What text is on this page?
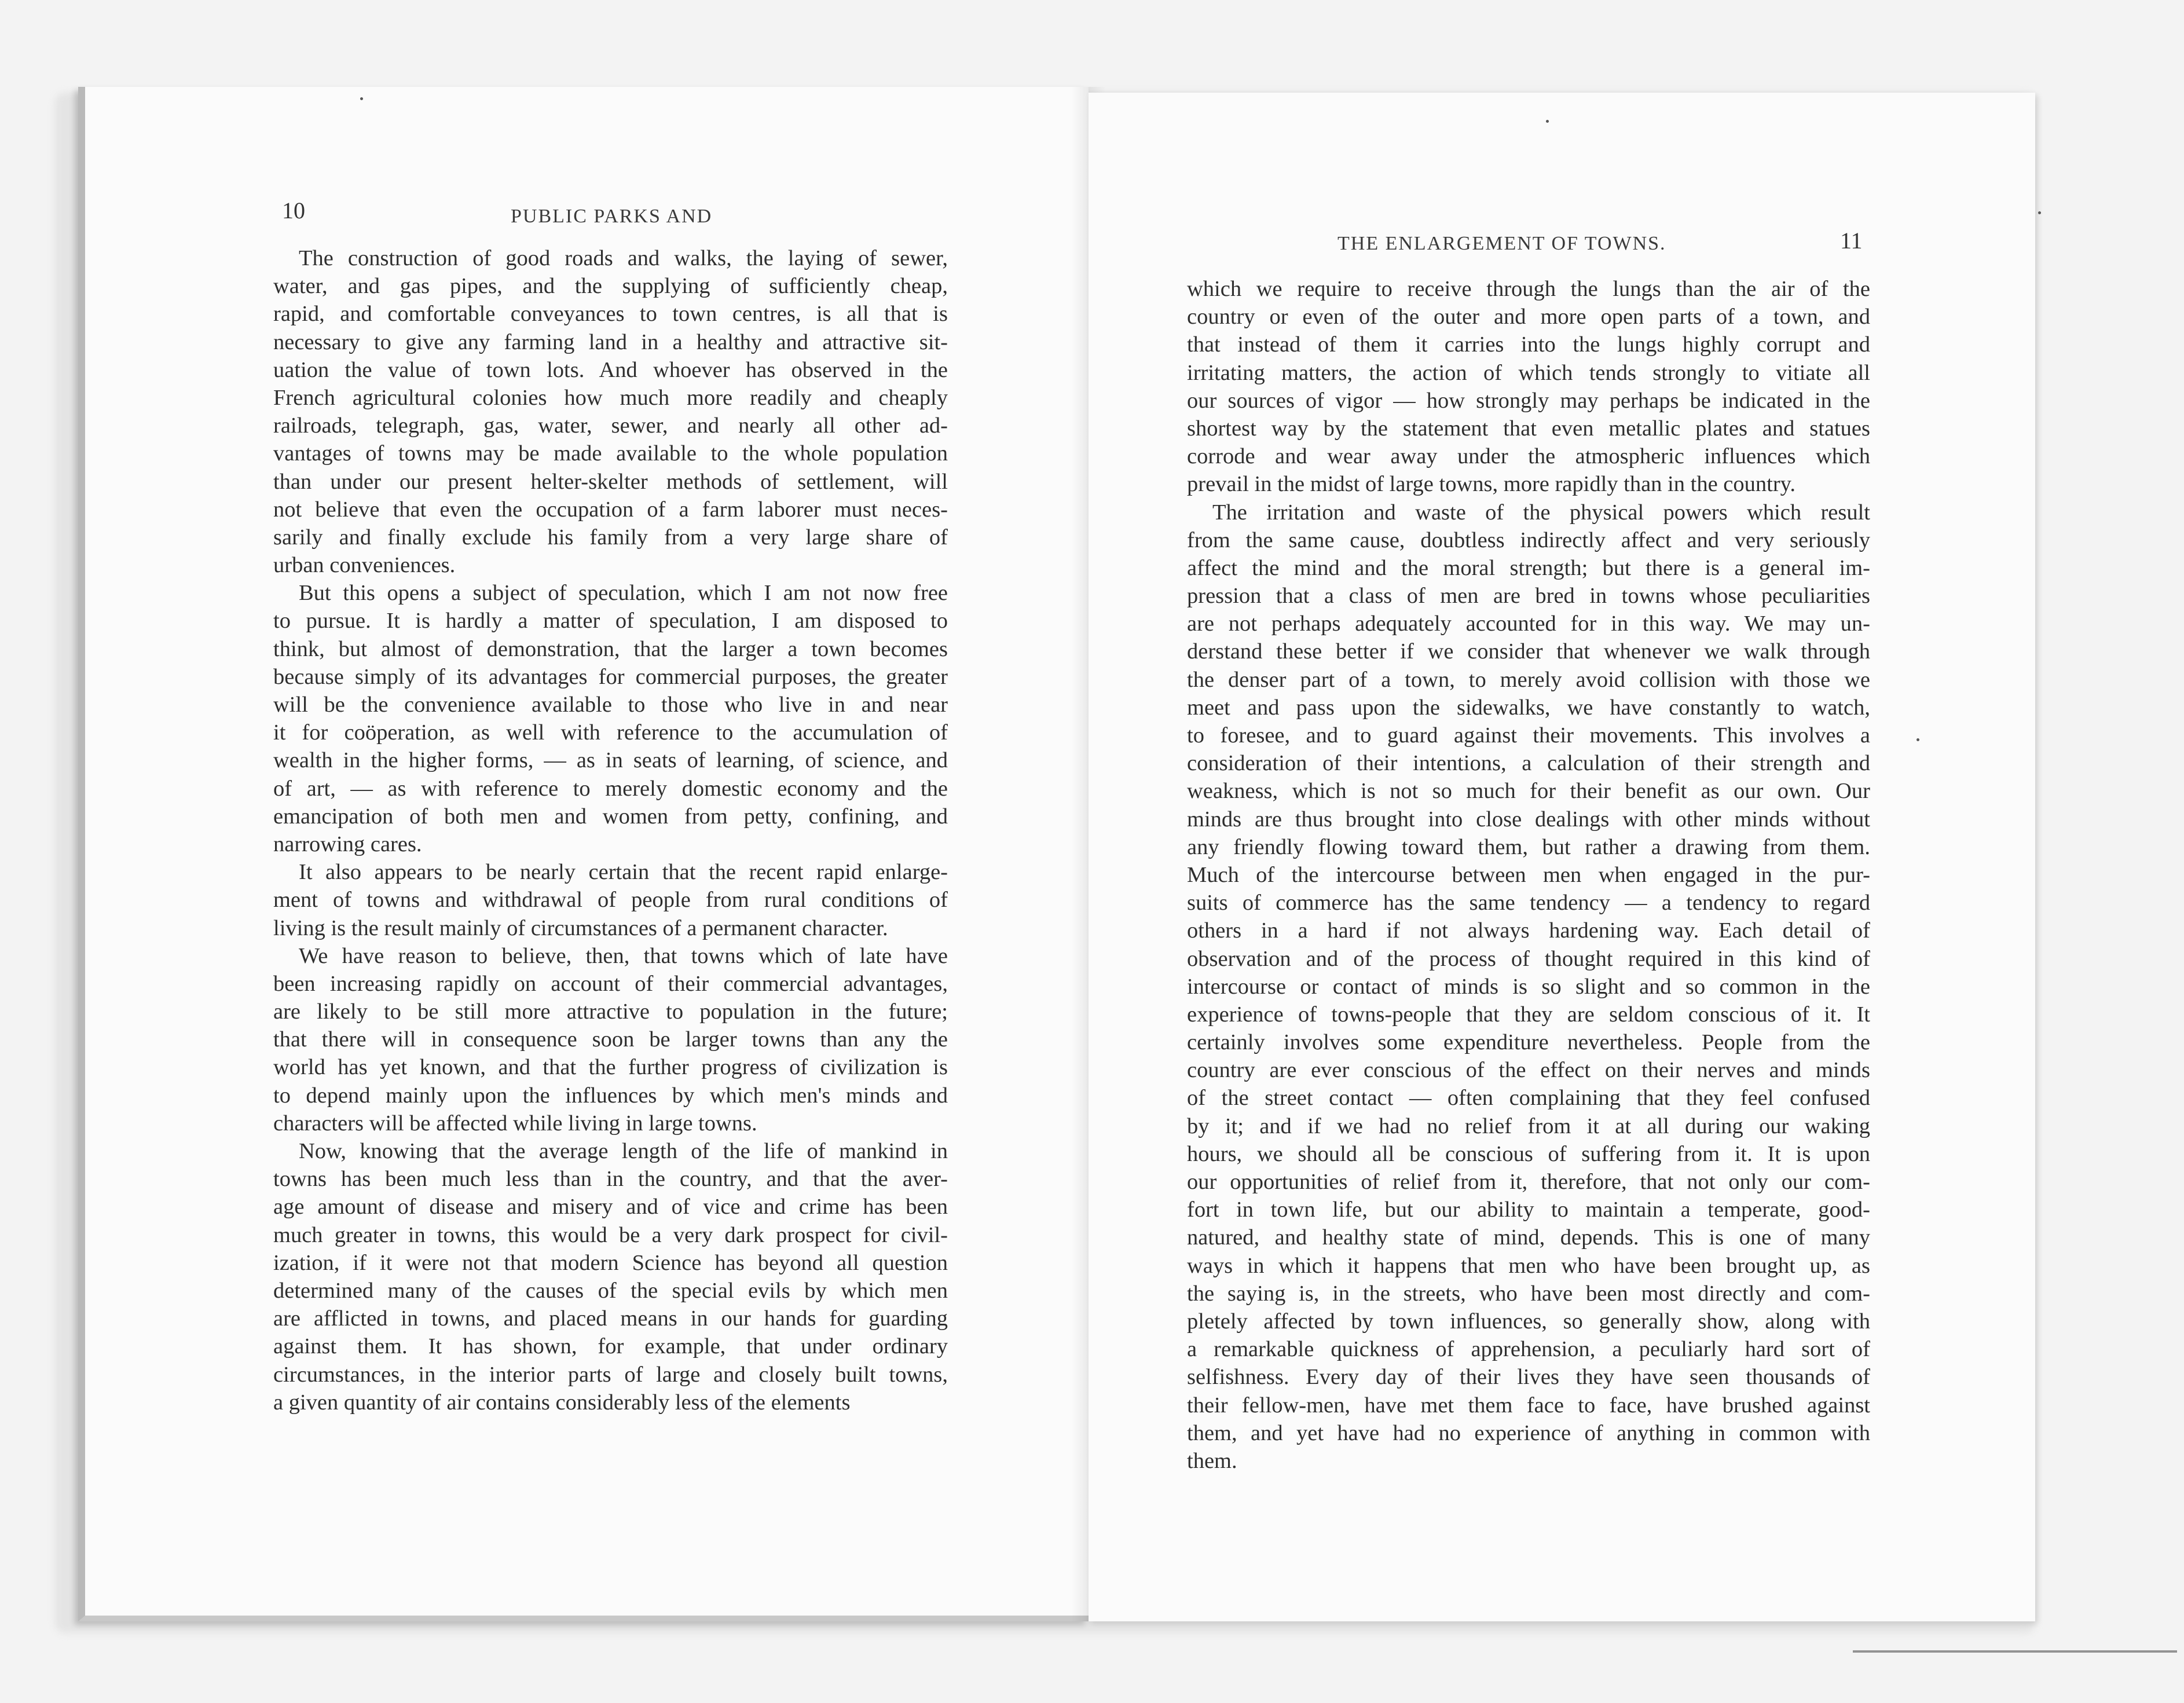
10	PUBLIC PARKS AND
The construction of good roads and walks, the laying of sewer,
water, and gas pipes, and the supplying of sufficiently cheap,
rapid, and comfortable conveyances to town centres, is all that is
necessary to give any farming land in a healthy and attractive sit-
uation the value of town lots. And whoever has observed in the
French agricultural colonies how much more readily and cheaply
railroads, telegraph, gas, water, sewer, and nearly all other ad-
vantages of towns may be made available to the whole population
than under our present helter-skelter methods of settlement, will
not believe that even the occupation of a farm laborer must neces-
sarily and finally exclude his family from a very large share of
urban conveniences.
But this opens a subject of speculation, which I am not now free
to pursue. It is hardly a matter of speculation, I am disposed to
think, but almost of demonstration, that the larger a town becomes
because simply of its advantages for commercial purposes, the greater
will be the convenience available to those who live in and near
it for coöperation, as well with reference to the accumulation of
wealth in the higher forms, — as in seats of learning, of science, and
of art, — as with reference to merely domestic economy and the
emancipation of both men and women from petty, confining, and
narrowing cares.
It also appears to be nearly certain that the recent rapid enlarge-
ment of towns and withdrawal of people from rural conditions of
living is the result mainly of circumstances of a permanent character.
We have reason to believe, then, that towns which of late have
been increasing rapidly on account of their commercial advantages,
are likely to be still more attractive to population in the future;
that there will in consequence soon be larger towns than any the
world has yet known, and that the further progress of civilization is
to depend mainly upon the influences by which men's minds and
characters will be affected while living in large towns.
Now, knowing that the average length of the life of mankind in
towns has been much less than in the country, and that the aver-
age amount of disease and misery and of vice and crime has been
much greater in towns, this would be a very dark prospect for civil-
ization, if it were not that modern Science has beyond all question
determined many of the causes of the special evils by which men
are afflicted in towns, and placed means in our hands for guarding
against them. It has shown, for example, that under ordinary
circumstances, in the interior parts of large and closely built towns,
a given quantity of air contains considerably less of the elements
THE ENLARGEMENT OF TOWNS.	11
which we require to receive through the lungs than the air of the
country or even of the outer and more open parts of a town, and
that instead of them it carries into the lungs highly corrupt and
irritating matters, the action of which tends strongly to vitiate all
our sources of vigor — how strongly may perhaps be indicated in the
shortest way by the statement that even metallic plates and statues
corrode and wear away under the atmospheric influences which
prevail in the midst of large towns, more rapidly than in the country.
The irritation and waste of the physical powers which result
from the same cause, doubtless indirectly affect and very seriously
affect the mind and the moral strength; but there is a general im-
pression that a class of men are bred in towns whose peculiarities
are not perhaps adequately accounted for in this way. We may un-
derstand these better if we consider that whenever we walk through
the denser part of a town, to merely avoid collision with those we
meet and pass upon the sidewalks, we have constantly to watch,
to foresee, and to guard against their movements. This involves a
consideration of their intentions, a calculation of their strength and
weakness, which is not so much for their benefit as our own. Our
minds are thus brought into close dealings with other minds without
any friendly flowing toward them, but rather a drawing from them.
Much of the intercourse between men when engaged in the pur-
suits of commerce has the same tendency — a tendency to regard
others in a hard if not always hardening way. Each detail of
observation and of the process of thought required in this kind of
intercourse or contact of minds is so slight and so common in the
experience of towns-people that they are seldom conscious of it. It
certainly involves some expenditure nevertheless. People from the
country are ever conscious of the effect on their nerves and minds
of the street contact — often complaining that they feel confused
by it; and if we had no relief from it at all during our waking
hours, we should all be conscious of suffering from it. It is upon
our opportunities of relief from it, therefore, that not only our com-
fort in town life, but our ability to maintain a temperate, good-
natured, and healthy state of mind, depends. This is one of many
ways in which it happens that men who have been brought up, as
the saying is, in the streets, who have been most directly and com-
pletely affected by town influences, so generally show, along with
a remarkable quickness of apprehension, a peculiarly hard sort of
selfishness. Every day of their lives they have seen thousands of
their fellow-men, have met them face to face, have brushed against
them, and yet have had no experience of anything in common with
them.
